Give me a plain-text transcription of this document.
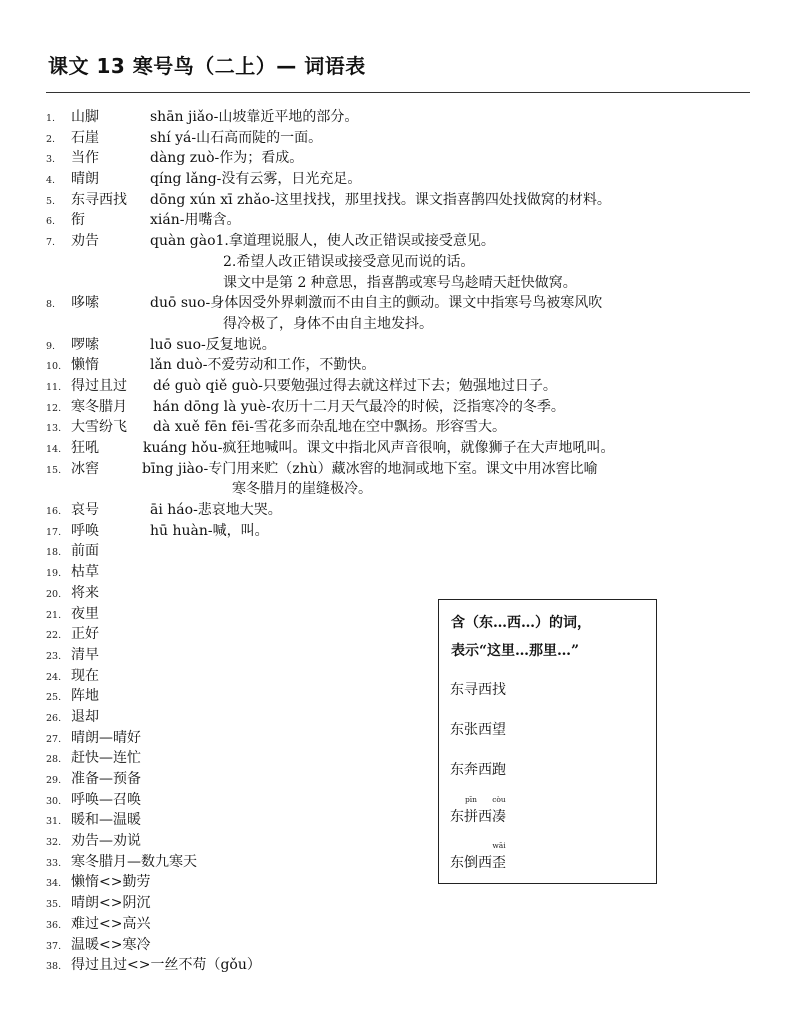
课文 13 寒号鸟（二上）— 词语表
1. 山脚	shān jiǎo-山坡靠近平地的部分。
2. 石崖	shí yá-山石高而陡的一面。
3. 当作	dàng zuò-作为；看成。
4. 晴朗	qíng lǎng-没有云雾，日光充足。
5. 东寻西找 dōng xún xī zhǎo-这里找找，那里找找。课文指喜鹊四处找做窝的材料。
6. 衔	xián-用嘴含。
7. 劝告	quàn gào1.拿道理说服人，使人改正错误或接受意见。
2.希望人改正错误或接受意见而说的话。
课文中是第 2 种意思，指喜鹊或寒号鸟趁晴天赶快做窝。
8. 哆嗦	duō suo-身体因受外界刺激而不由自主的颤动。课文中指寒号鸟被寒风吹
得冷极了，身体不由自主地发抖。
9. 啰嗦	luō suo-反复地说。
10. 懒惰	lǎn duò-不爱劳动和工作，不勤快。
11. 得过且过 dé guò qiě guò-只要勉强过得去就这样过下去；勉强地过日子。
12. 寒冬腊月 hán dōng là yuè-农历十二月天气最冷的时候，泛指寒冷的冬季。
13. 大雪纷飞 dà xuě fēn fēi-雪花多而杂乱地在空中飘扬。形容雪大。
14. 狂吼	kuáng hǒu-疯狂地喊叫。课文中指北风声音很响，就像狮子在大声地吼叫。
15. 冰窖	bīng jiào-专门用来贮（zhù）藏冰窖的地洞或地下室。课文中用冰窖比喻
寒冬腊月的崖缝极冷。
16. 哀号	āi háo-悲哀地大哭。
17. 呼唤	hū huàn-喊，叫。
18. 前面
19. 枯草
20. 将来
21. 夜里
22. 正好
23. 清早
24. 现在
25. 阵地
26. 退却
27. 晴朗—晴好
28. 赶快—连忙
29. 准备—预备
30. 呼唤—召唤
31. 暖和—温暖
32. 劝告—劝说
33. 寒冬腊月—数九寒天
34. 懒惰<>勤劳
35. 晴朗<>阴沉
36. 难过<>高兴
37. 温暖<>寒冷
38. 得过且过<>一丝不苟（gǒu）
含（东…西…）的词，
表示“这里…那里…”
东寻西找
东张西望
东奔西跑
东
pīn
拼西
còu
凑
东倒西
wāi
歪
